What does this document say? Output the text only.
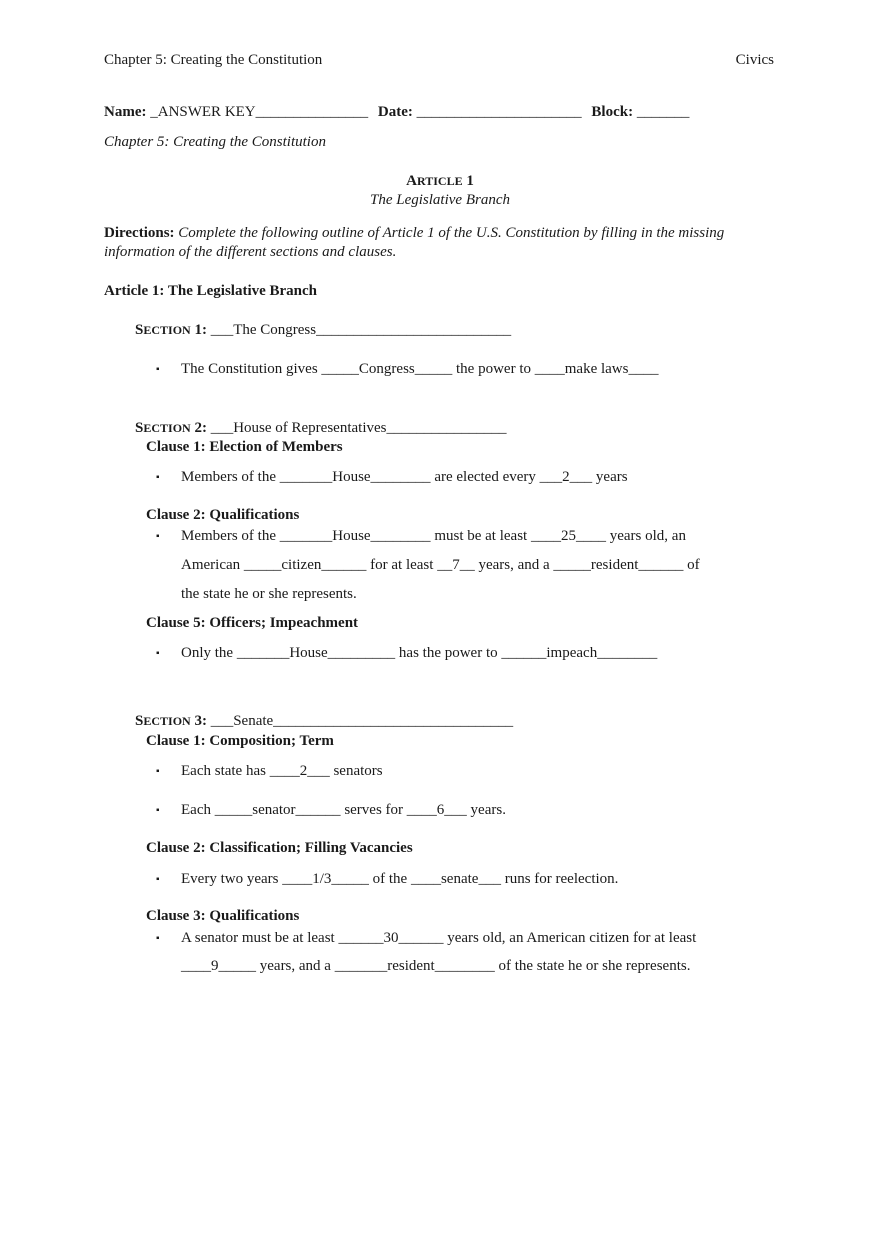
Chapter 5: Creating the Constitution	Civics
Name: _ANSWER KEY_______________ Date: ______________________ Block: _______
Chapter 5: Creating the Constitution
ARTICLE 1
The Legislative Branch
Directions: Complete the following outline of Article 1 of the U.S. Constitution by filling in the missing
information of the different sections and clauses.
Article 1: The Legislative Branch
SECTION 1: ___The Congress__________________________
▪ The Constitution gives _____Congress_____ the power to ____make laws____
SECTION 2: ___House of Representatives________________
Clause 1: Election of Members
▪ Members of the _______House________ are elected every ___2___ years
Clause 2: Qualifications
▪ Members of the _______House________ must be at least ____25____ years old, an
American _____citizen______ for at least __7__ years, and a _____resident______ of
the state he or she represents.
Clause 5: Officers; Impeachment
▪ Only the _______House_________ has the power to ______impeach________
SECTION 3: ___Senate________________________________
Clause 1: Composition; Term
▪ Each state has ____2___ senators
▪ Each _____senator______ serves for ____6___ years.
Clause 2: Classification; Filling Vacancies
▪ Every two years ____1/3_____ of the ____senate___ runs for reelection.
Clause 3: Qualifications
▪ A senator must be at least ______30______ years old, an American citizen for at least
____9_____ years, and a _______resident________ of the state he or she represents.
